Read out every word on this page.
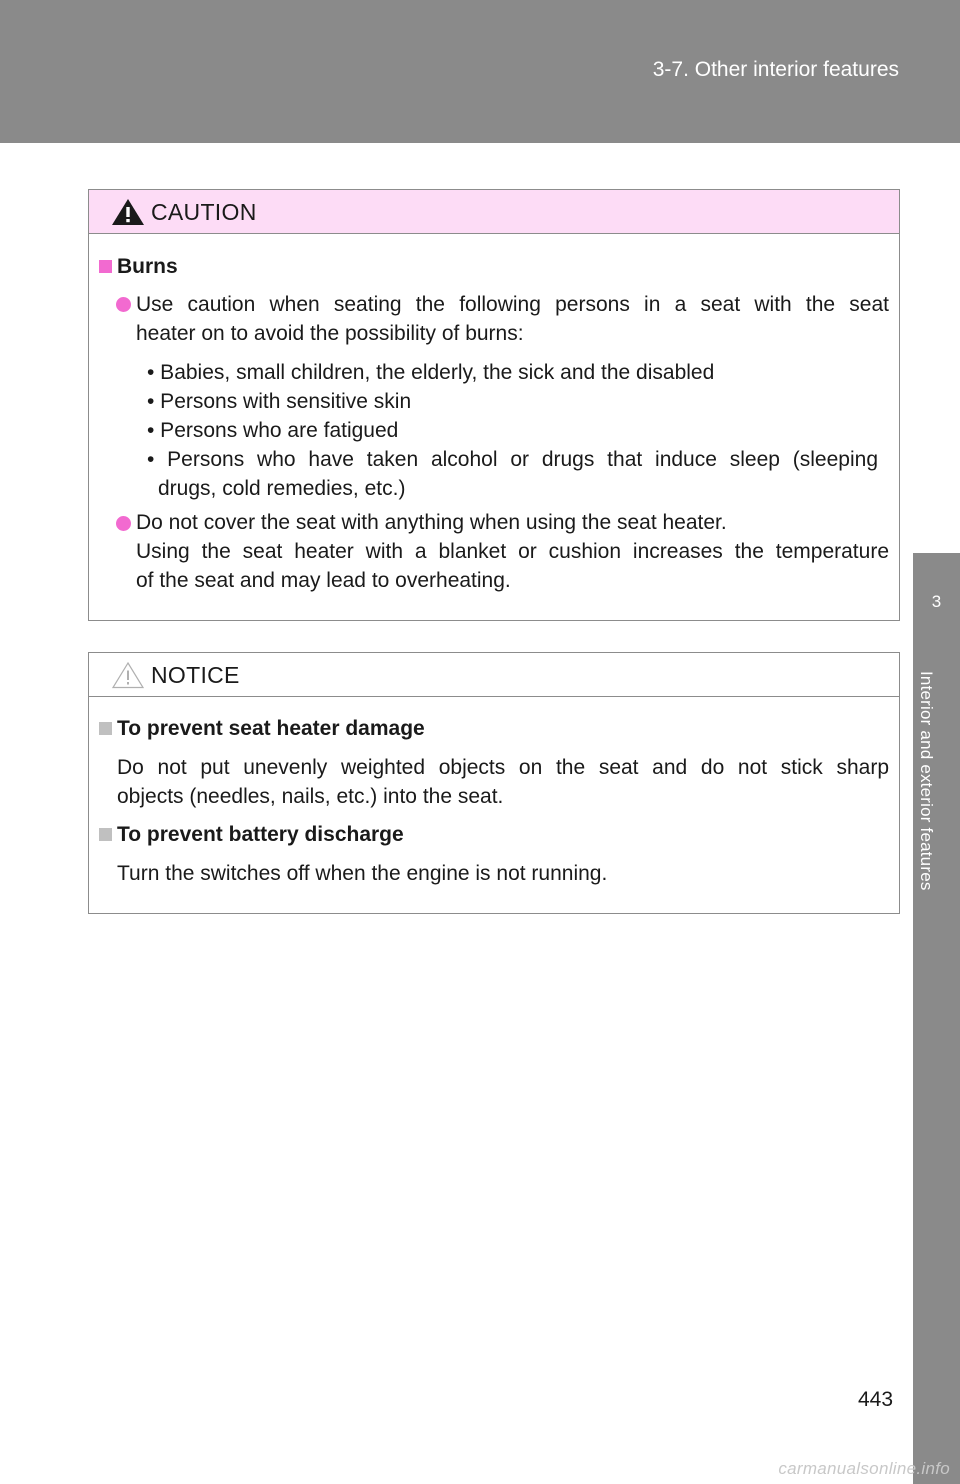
3-7. Other interior features
3
Interior and exterior features
CAUTION
Burns
Use caution when seating the following persons in a seat with the seat
heater on to avoid the possibility of burns:
• Babies, small children, the elderly, the sick and the disabled
• Persons with sensitive skin
• Persons who are fatigued
• Persons who have taken alcohol or drugs that induce sleep (sleeping
drugs, cold remedies, etc.)
Do not cover the seat with anything when using the seat heater.
Using the seat heater with a blanket or cushion increases the temperature
of the seat and may lead to overheating.
NOTICE
To prevent seat heater damage
Do not put unevenly weighted objects on the seat and do not stick sharp
objects (needles, nails, etc.) into the seat.
To prevent battery discharge
Turn the switches off when the engine is not running.
443
carmanualsonline.info
